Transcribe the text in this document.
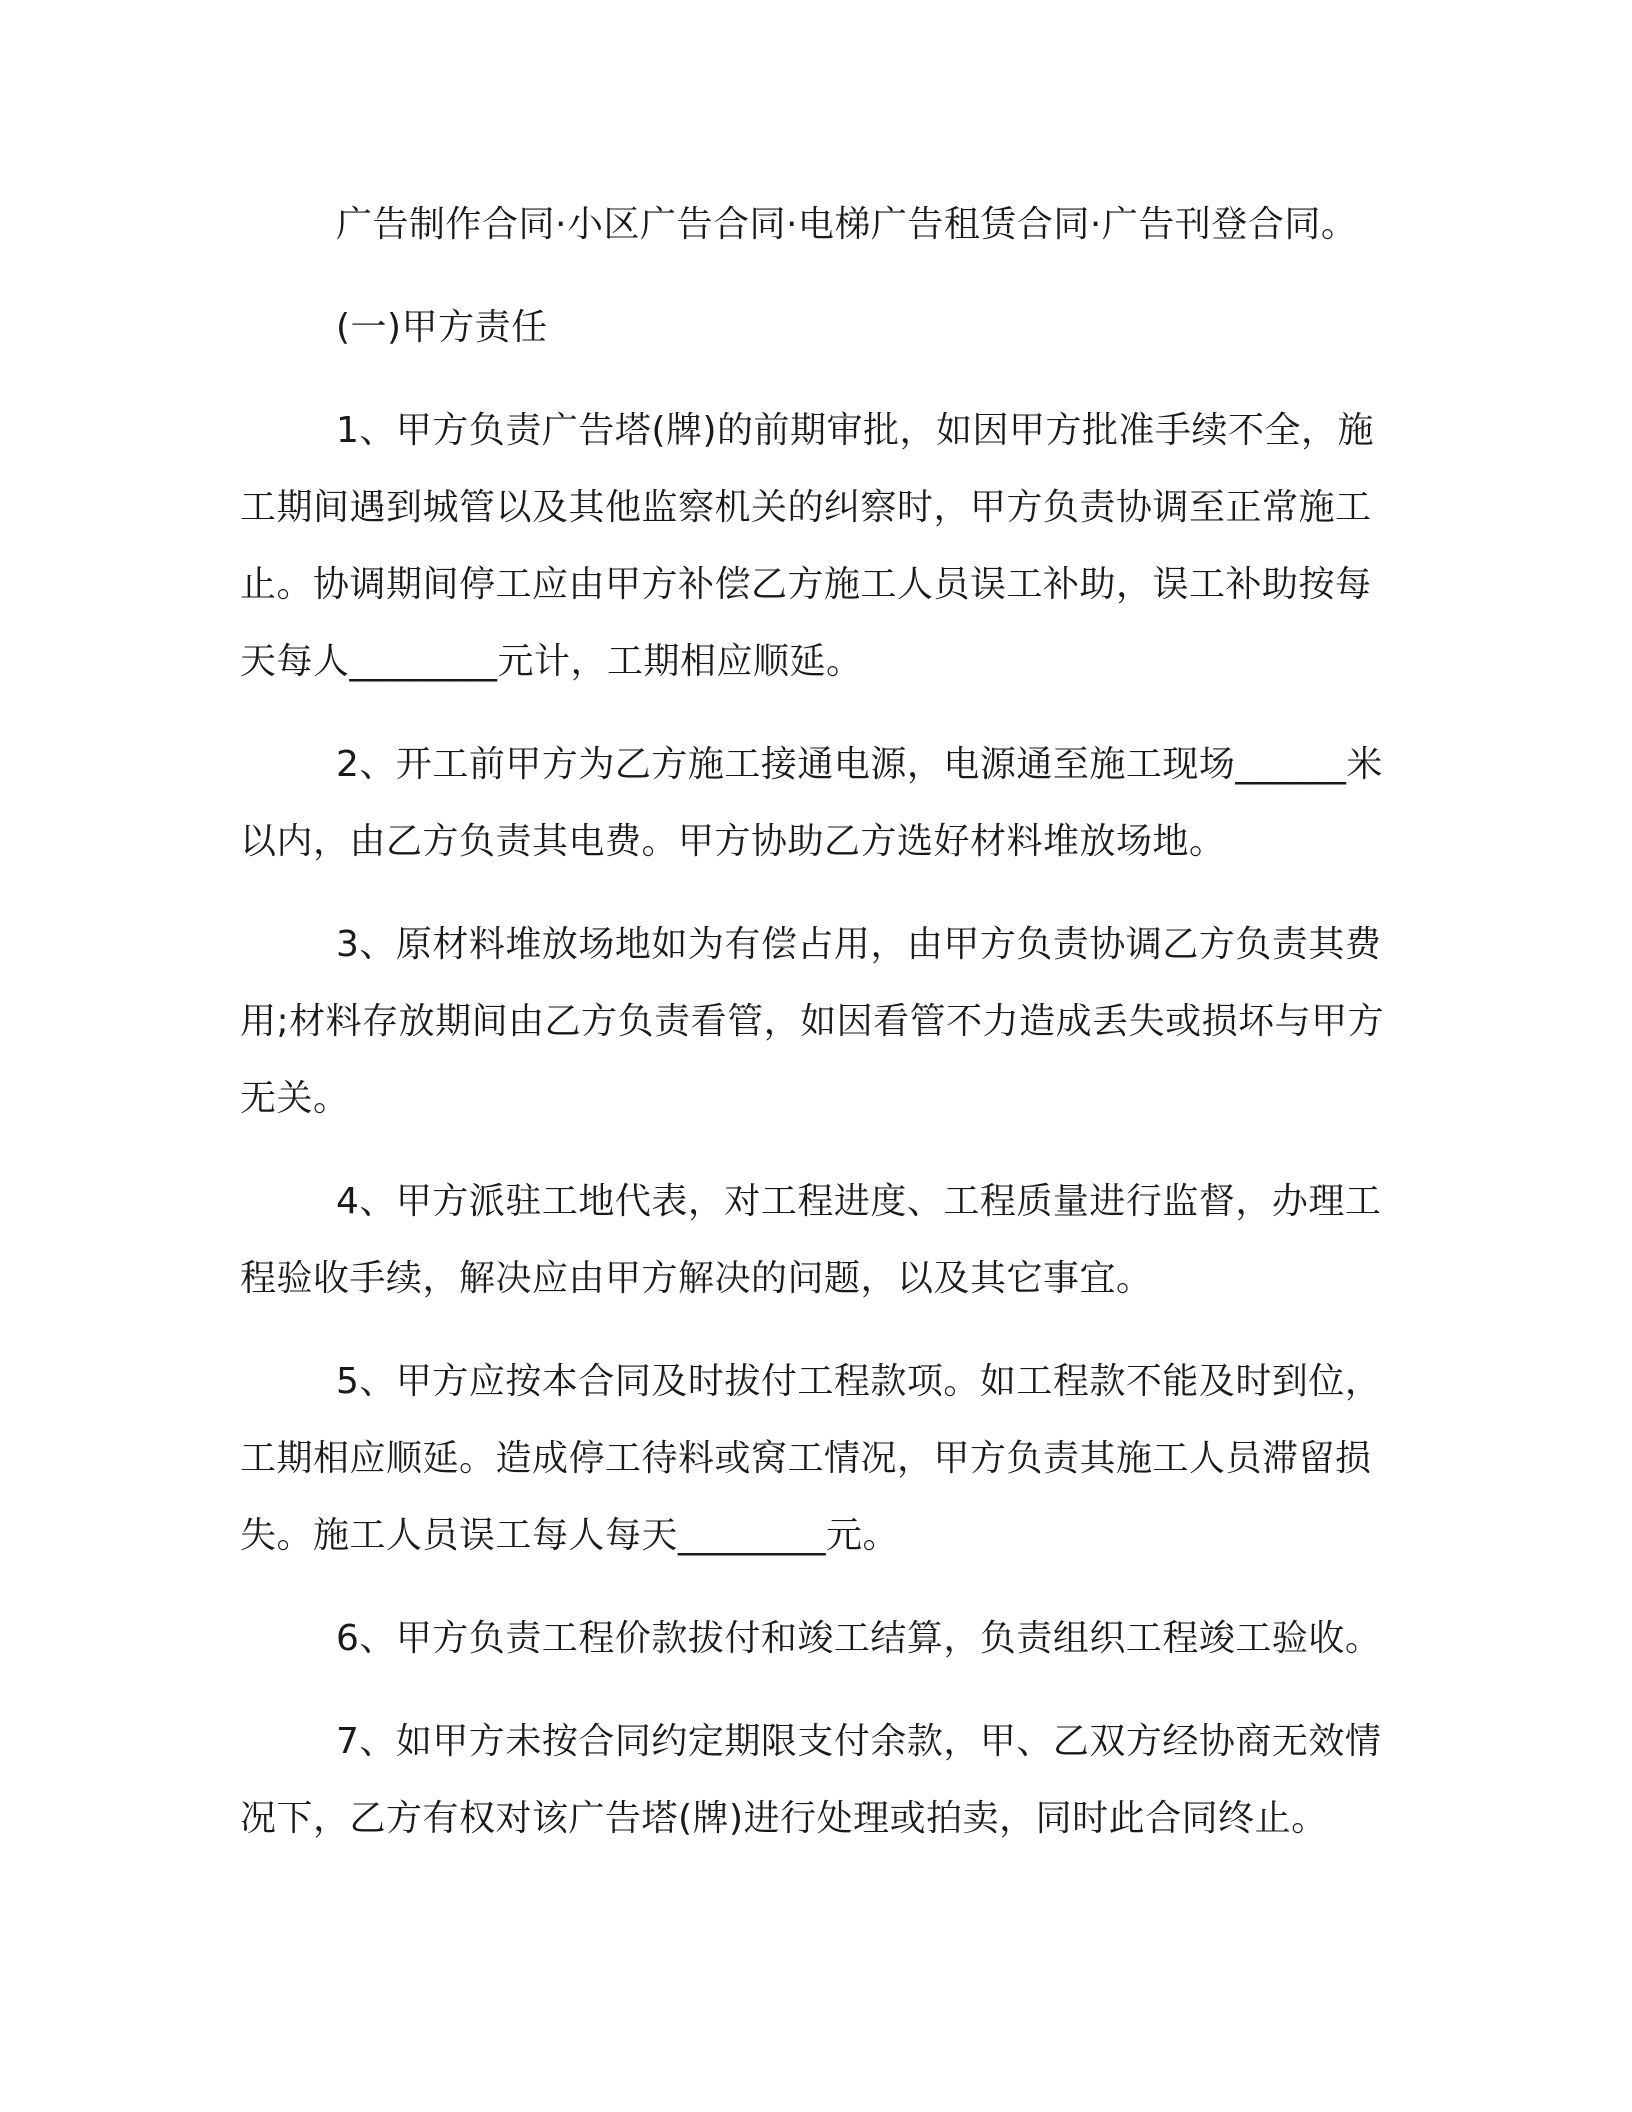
广告制作合同·小区广告合同·电梯广告租赁合同·广告刊登合同。

(一)甲方责任

1、甲方负责广告塔(牌)的前期审批，如因甲方批准手续不全，施工期间遇到城管以及其他监察机关的纠察时，甲方负责协调至正常施工止。协调期间停工应由甲方补偿乙方施工人员误工补助，误工补助按每天每人________元计，工期相应顺延。

2、开工前甲方为乙方施工接通电源，电源通至施工现场______米以内，由乙方负责其电费。甲方协助乙方选好材料堆放场地。

3、原材料堆放场地如为有偿占用，由甲方负责协调乙方负责其费用;材料存放期间由乙方负责看管，如因看管不力造成丢失或损坏与甲方无关。

4、甲方派驻工地代表，对工程进度、工程质量进行监督，办理工程验收手续，解决应由甲方解决的问题，以及其它事宜。

5、甲方应按本合同及时拔付工程款项。如工程款不能及时到位，工期相应顺延。造成停工待料或窝工情况，甲方负责其施工人员滞留损失。施工人员误工每人每天________元。

6、甲方负责工程价款拔付和竣工结算，负责组织工程竣工验收。

7、如甲方未按合同约定期限支付余款，甲、乙双方经协商无效情况下，乙方有权对该广告塔(牌)进行处理或拍卖，同时此合同终止。
